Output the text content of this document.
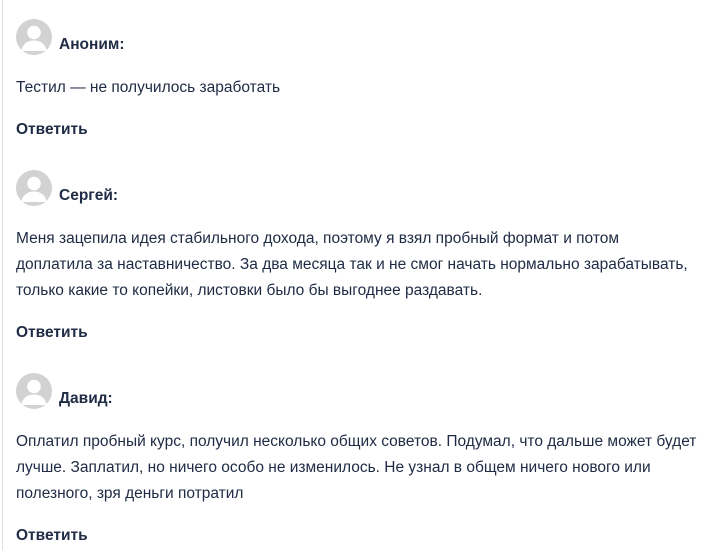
Аноним:

Тестил — не получилось заработать

Ответить
Сергей:

Меня зацепила идея стабильного дохода, поэтому я взял пробный формат и потом доплатила за наставничество. За два месяца так и не смог начать нормально зарабатывать, только какие то копейки, листовки было бы выгоднее раздавать.

Ответить
Давид:

Оплатил пробный курс, получил несколько общих советов. Подумал, что дальше может будет лучше. Заплатил, но ничего особо не изменилось. Не узнал в общем ничего нового или полезного, зря деньги потратил

Ответить
